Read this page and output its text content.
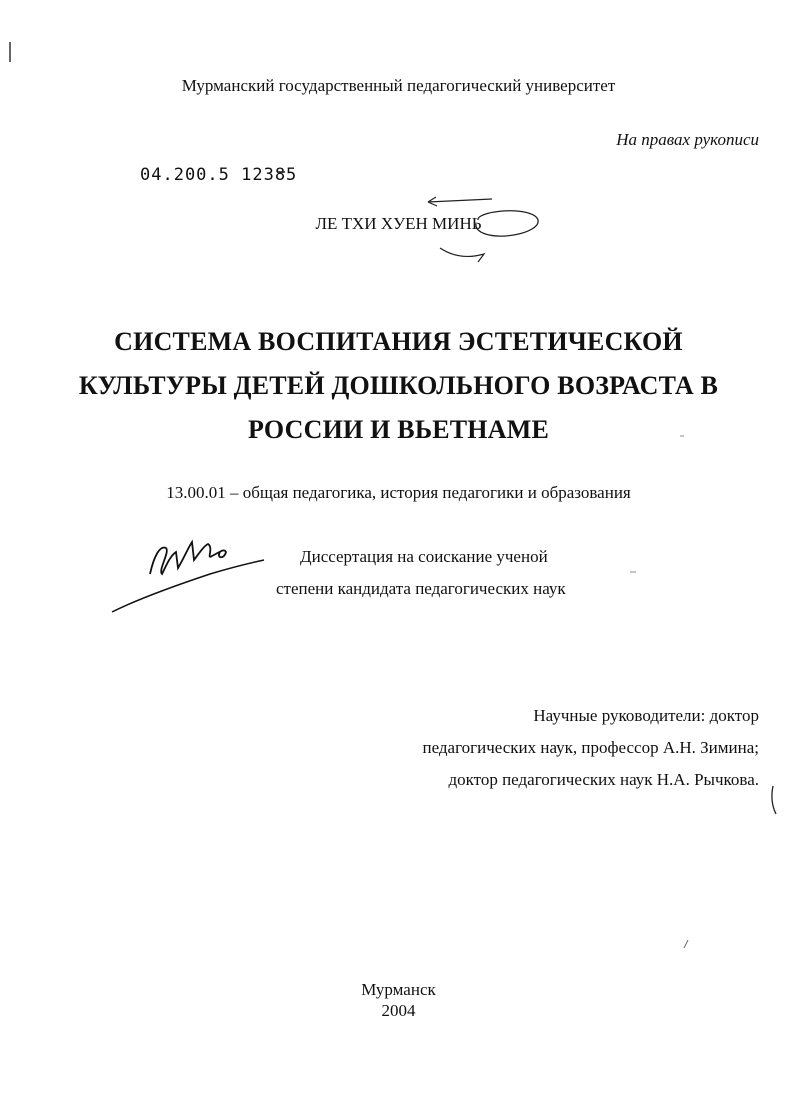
Мурманский государственный педагогический университет
На правах рукописи
04.200.5 12385
ЛЕ ТХИ ХУЕН МИНЬ
СИСТЕМА ВОСПИТАНИЯ ЭСТЕТИЧЕСКОЙ
КУЛЬТУРЫ ДЕТЕЙ ДОШКОЛЬНОГО ВОЗРАСТА В
РОССИИ И ВЬЕТНАМЕ
13.00.01 – общая педагогика, история педагогики и образования
Диссертация на соискание ученой
степени кандидата педагогических наук
Научные руководители: доктор
педагогических наук, профессор А.Н. Зимина;
доктор педагогических наук Н.А. Рычкова.
Мурманск
2004
